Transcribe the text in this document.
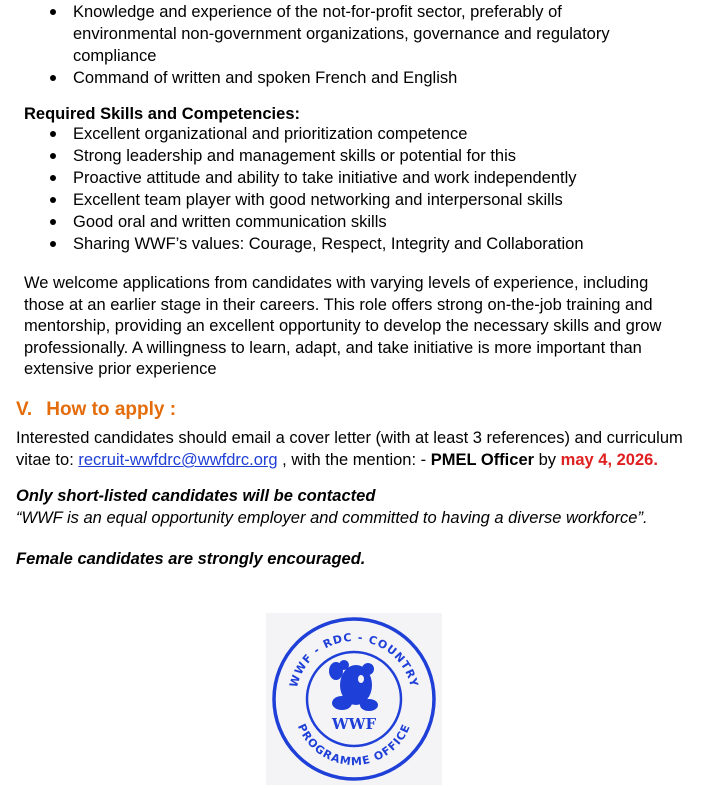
Knowledge and experience of the not-for-profit sector, preferably of
environmental non-government organizations, governance and regulatory
compliance
Command of written and spoken French and English

Required Skills and Competencies:

Excellent organizational and prioritization competence
Strong leadership and management skills or potential for this
Proactive attitude and ability to take initiative and work independently
Excellent team player with good networking and interpersonal skills
Good oral and written communication skills
Sharing WWF’s values: Courage, Respect, Integrity and Collaboration

We welcome applications from candidates with varying levels of experience, including
those at an earlier stage in their careers. This role offers strong on-the-job training and
mentorship, providing an excellent opportunity to develop the necessary skills and grow
professionally. A willingness to learn, adapt, and take initiative is more important than
extensive prior experience

V. How to apply :

Interested candidates should email a cover letter (with at least 3 references) and curriculum
vitae to: recruit-wwfdrc@wwfdrc.org , with the mention: - PMEL Officer by may 4, 2026.

Only short-listed candidates will be contacted

“WWF is an equal opportunity employer and committed to having a diverse workforce”.

Female candidates are strongly encouraged.

WWF - RDC - COUNTRY
PROGRAMME OFFICE
WWF
